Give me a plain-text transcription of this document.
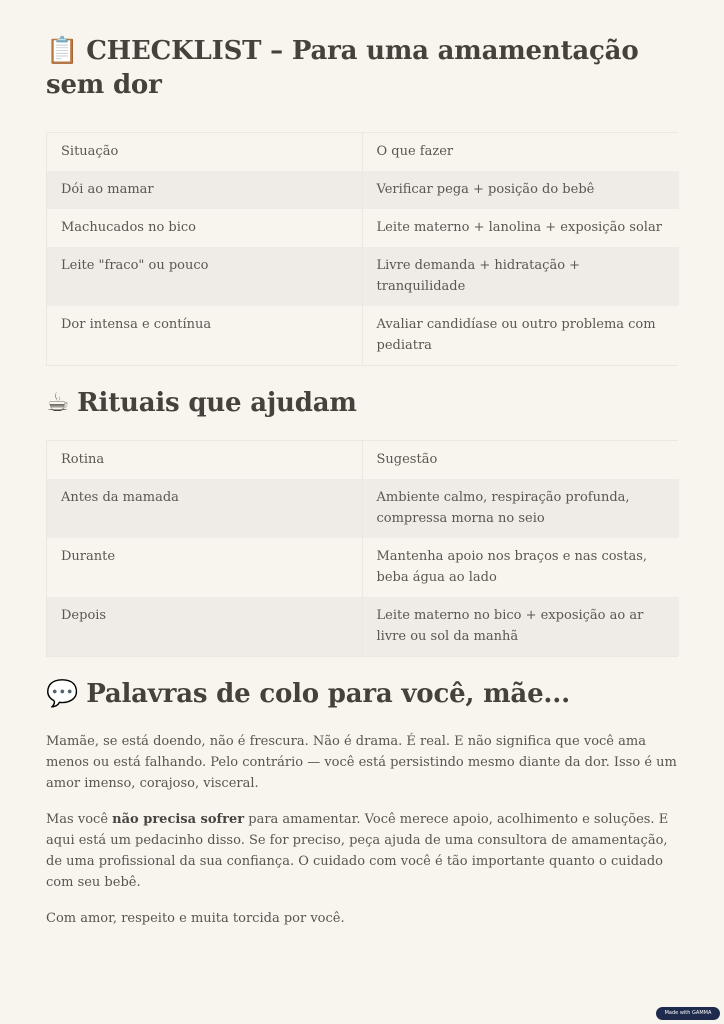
📋 CHECKLIST – Para uma amamentação sem dor
Situação	O que fazer
Dói ao mamar	Verificar pega + posição do bebê
Machucados no bico	Leite materno + lanolina + exposição solar
Leite "fraco" ou pouco	Livre demanda + hidratação + tranquilidade
Dor intensa e contínua	Avaliar candidíase ou outro problema com pediatra
☕ Rituais que ajudam
Rotina	Sugestão
Antes da mamada	Ambiente calmo, respiração profunda, compressa morna no seio
Durante	Mantenha apoio nos braços e nas costas, beba água ao lado
Depois	Leite materno no bico + exposição ao ar livre ou sol da manhã
💬 Palavras de colo para você, mãe...

Mamãe, se está doendo, não é frescura. Não é drama. É real. E não significa que você ama menos ou está falhando. Pelo contrário — você está persistindo mesmo diante da dor. Isso é um amor imenso, corajoso, visceral.

Mas você não precisa sofrer para amamentar. Você merece apoio, acolhimento e soluções. E aqui está um pedacinho disso. Se for preciso, peça ajuda de uma consultora de amamentação, de uma profissional da sua confiança. O cuidado com você é tão importante quanto o cuidado com seu bebê.

Com amor, respeito e muita torcida por você.

Made with GAMMA
